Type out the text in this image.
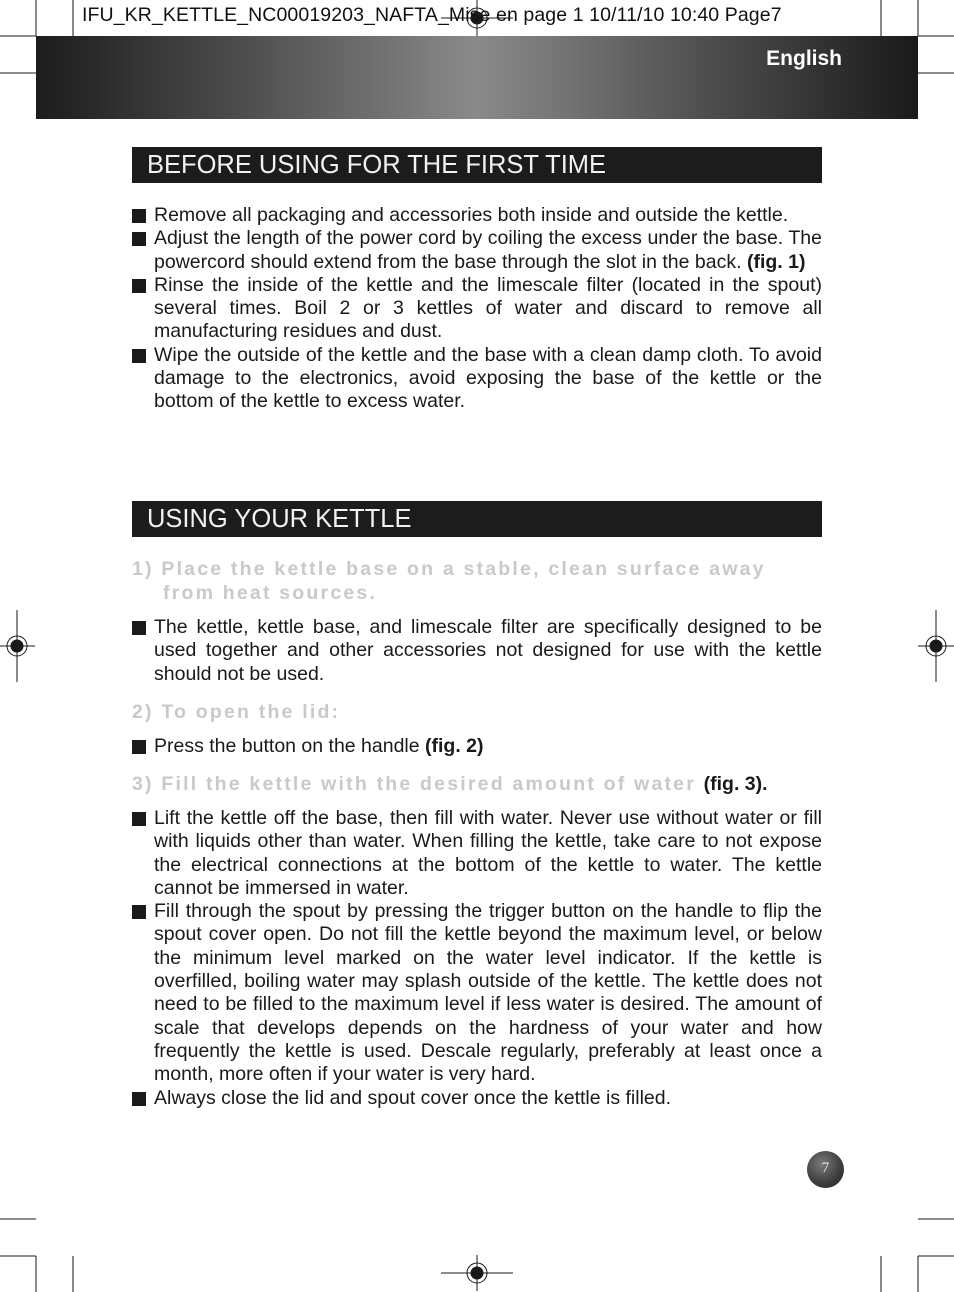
IFU_KR_KETTLE_NC00019203_NAFTA_Mise en page 1 10/11/10 10:40 Page7
English
BEFORE USING FOR THE FIRST TIME
Remove all packaging and accessories both inside and outside the kettle.
Adjust the length of the power cord by coiling the excess under the base. The powercord should extend from the base through the slot in the back. (fig. 1)
Rinse the inside of the kettle and the limescale filter (located in the spout) several times. Boil 2 or 3 kettles of water and discard to remove all manufacturing residues and dust.
Wipe the outside of the kettle and the base with a clean damp cloth. To avoid damage to the electronics, avoid exposing the base of the kettle or the bottom of the kettle to excess water.
USING YOUR KETTLE
1) Place the kettle base on a stable, clean surface away
from heat sources.
The kettle, kettle base, and limescale filter are specifically designed to be used together and other accessories not designed for use with the kettle should not be used.
2) To open the lid:
Press the button on the handle (fig. 2)
3) Fill the kettle with the desired amount of water (fig. 3).
Lift the kettle off the base, then fill with water. Never use without water or fill with liquids other than water. When filling the kettle, take care to not expose the electrical connections at the bottom of the kettle to water. The kettle cannot be immersed in water.
Fill through the spout by pressing the trigger button on the handle to flip the spout cover open. Do not fill the kettle beyond the maximum level, or below the minimum level marked on the water level indicator. If the kettle is overfilled, boiling water may splash outside of the kettle. The kettle does not need to be filled to the maximum level if less water is desired. The amount of scale that develops depends on the hardness of your water and how frequently the kettle is used. Descale regularly, preferably at least once a month, more often if your water is very hard.
Always close the lid and spout cover once the kettle is filled.
7
